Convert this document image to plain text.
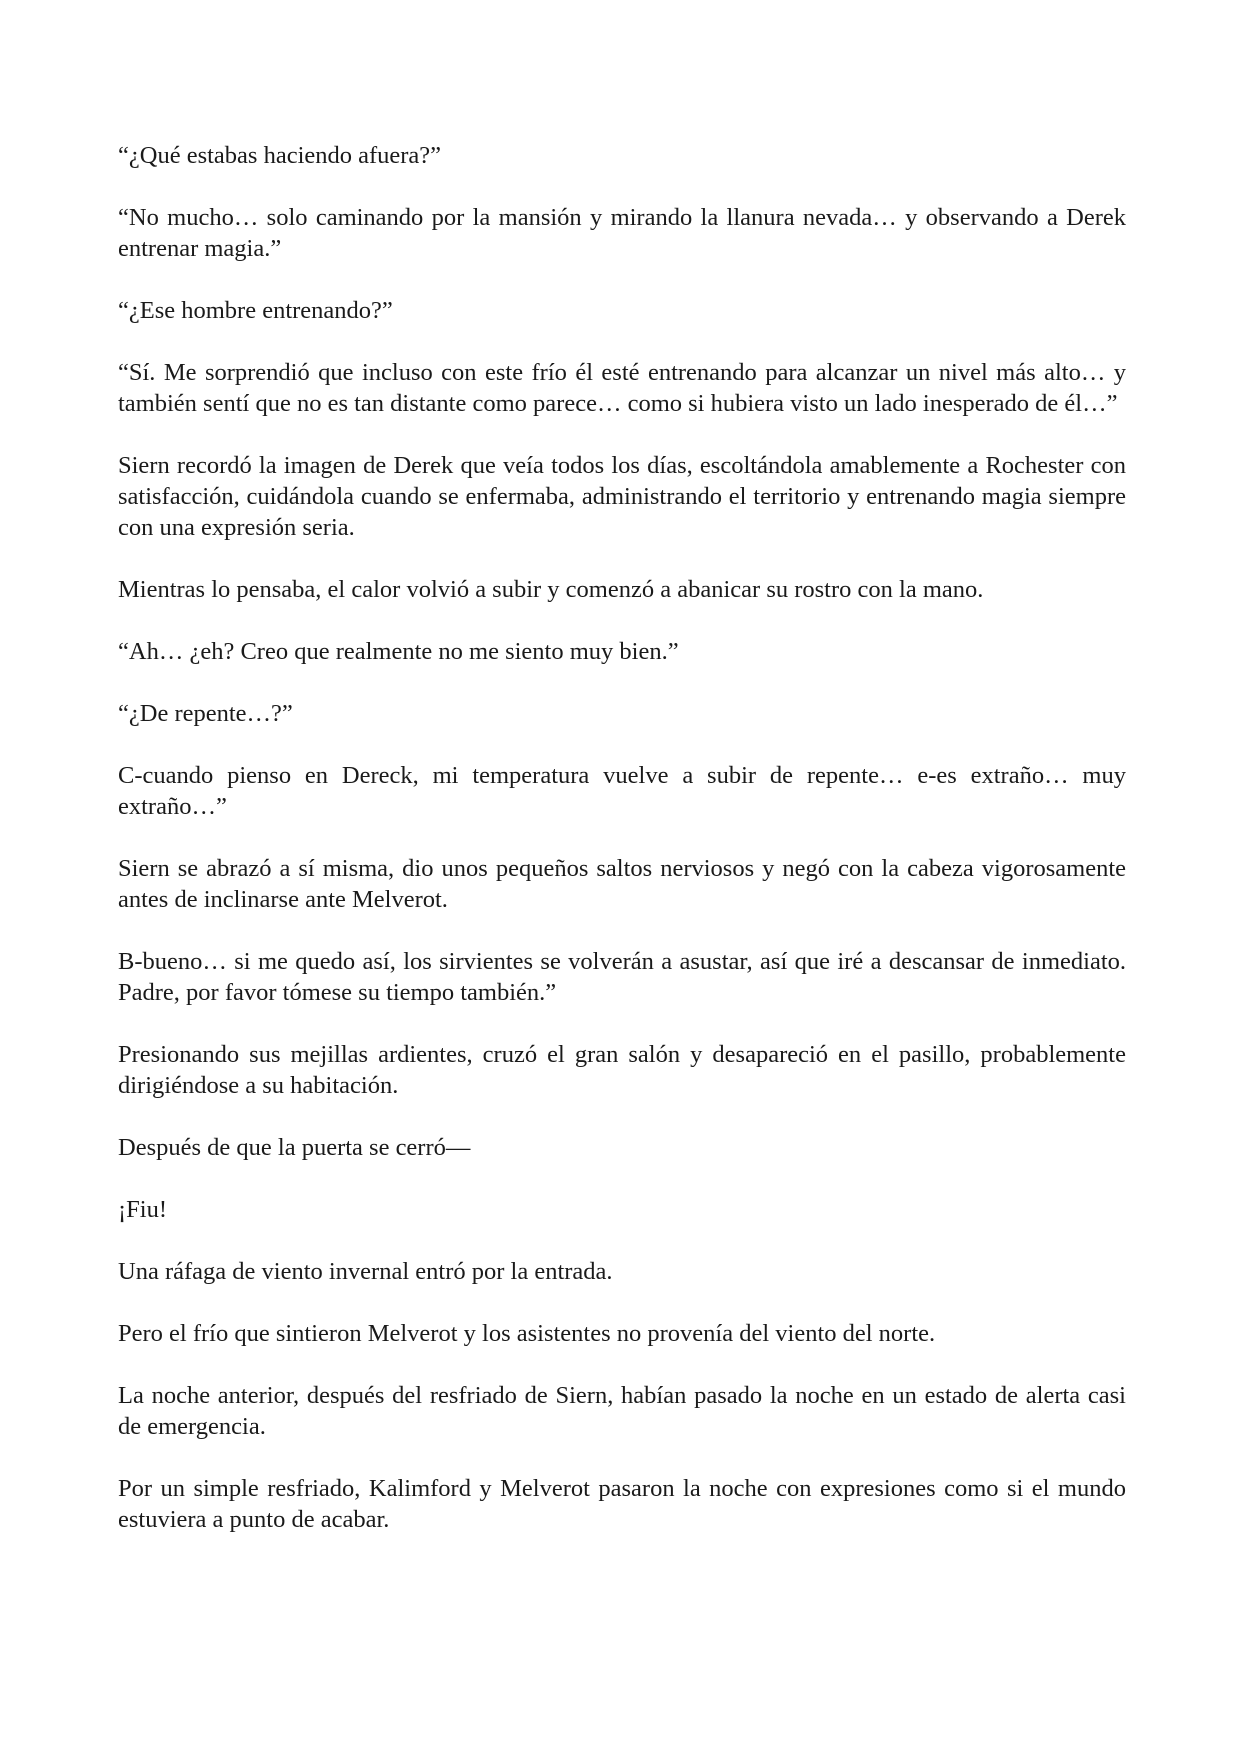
“¿Qué estabas haciendo afuera?”

“No mucho… solo caminando por la mansión y mirando la llanura nevada… y observando a Derek entrenar magia.”

“¿Ese hombre entrenando?”

“Sí. Me sorprendió que incluso con este frío él esté entrenando para alcanzar un nivel más alto… y también sentí que no es tan distante como parece… como si hubiera visto un lado inesperado de él…”

Siern recordó la imagen de Derek que veía todos los días, escoltándola amablemente a Rochester con satisfacción, cuidándola cuando se enfermaba, administrando el territorio y entrenando magia siempre con una expresión seria.

Mientras lo pensaba, el calor volvió a subir y comenzó a abanicar su rostro con la mano.

“Ah… ¿eh? Creo que realmente no me siento muy bien.”

“¿De repente…?”

C-cuando pienso en Dereck, mi temperatura vuelve a subir de repente… e-es extraño… muy extraño…”

Siern se abrazó a sí misma, dio unos pequeños saltos nerviosos y negó con la cabeza vigorosamente antes de inclinarse ante Melverot.

B-bueno… si me quedo así, los sirvientes se volverán a asustar, así que iré a descansar de inmediato. Padre, por favor tómese su tiempo también.”

Presionando sus mejillas ardientes, cruzó el gran salón y desapareció en el pasillo, probablemente dirigiéndose a su habitación.

Después de que la puerta se cerró—

¡Fiu!

Una ráfaga de viento invernal entró por la entrada.

Pero el frío que sintieron Melverot y los asistentes no provenía del viento del norte.

La noche anterior, después del resfriado de Siern, habían pasado la noche en un estado de alerta casi de emergencia.

Por un simple resfriado, Kalimford y Melverot pasaron la noche con expresiones como si el mundo estuviera a punto de acabar.
